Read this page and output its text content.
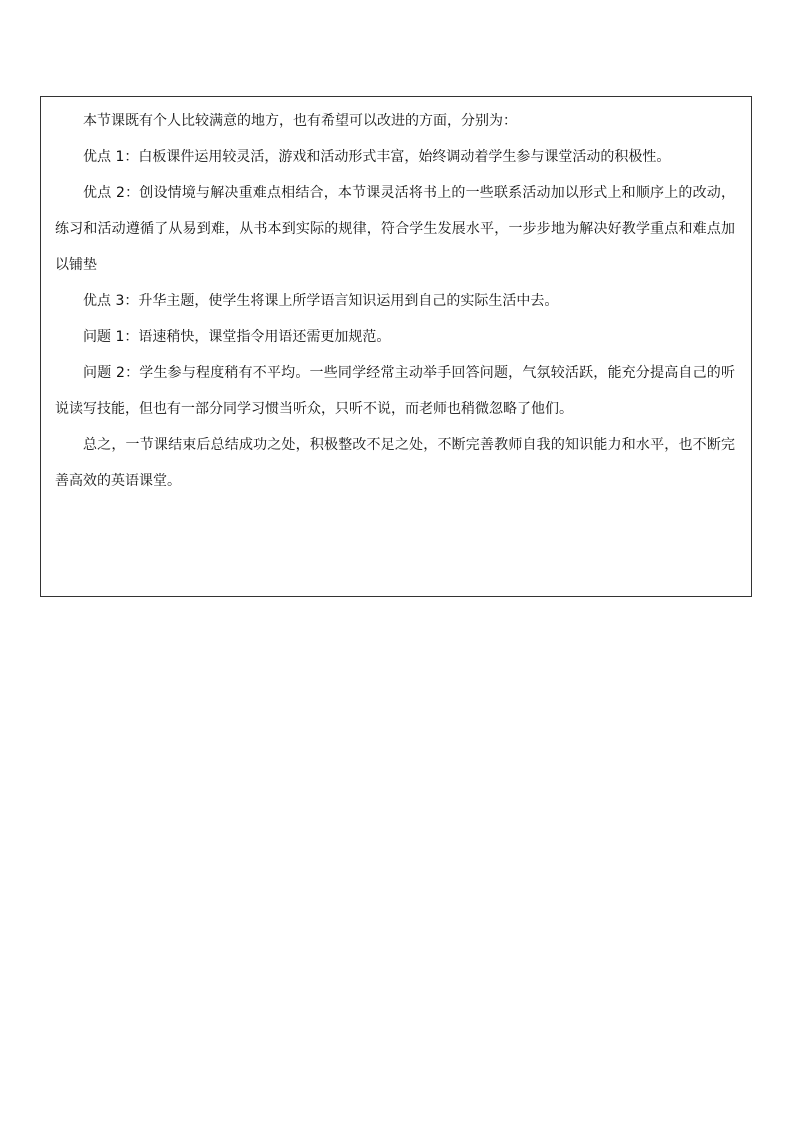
本节课既有个人比较满意的地方，也有希望可以改进的方面，分别为：

优点 1：白板课件运用较灵活，游戏和活动形式丰富，始终调动着学生参与课堂活动的积极性。

优点 2：创设情境与解决重难点相结合，本节课灵活将书上的一些联系活动加以形式上和顺序上的改动，练习和活动遵循了从易到难，从书本到实际的规律，符合学生发展水平，一步步地为解决好教学重点和难点加以铺垫

优点 3：升华主题，使学生将课上所学语言知识运用到自己的实际生活中去。

问题 1：语速稍快，课堂指令用语还需更加规范。

问题 2：学生参与程度稍有不平均。一些同学经常主动举手回答问题，气氛较活跃，能充分提高自己的听说读写技能，但也有一部分同学习惯当听众，只听不说，而老师也稍微忽略了他们。

总之，一节课结束后总结成功之处，积极整改不足之处，不断完善教师自我的知识能力和水平，也不断完善高效的英语课堂。
